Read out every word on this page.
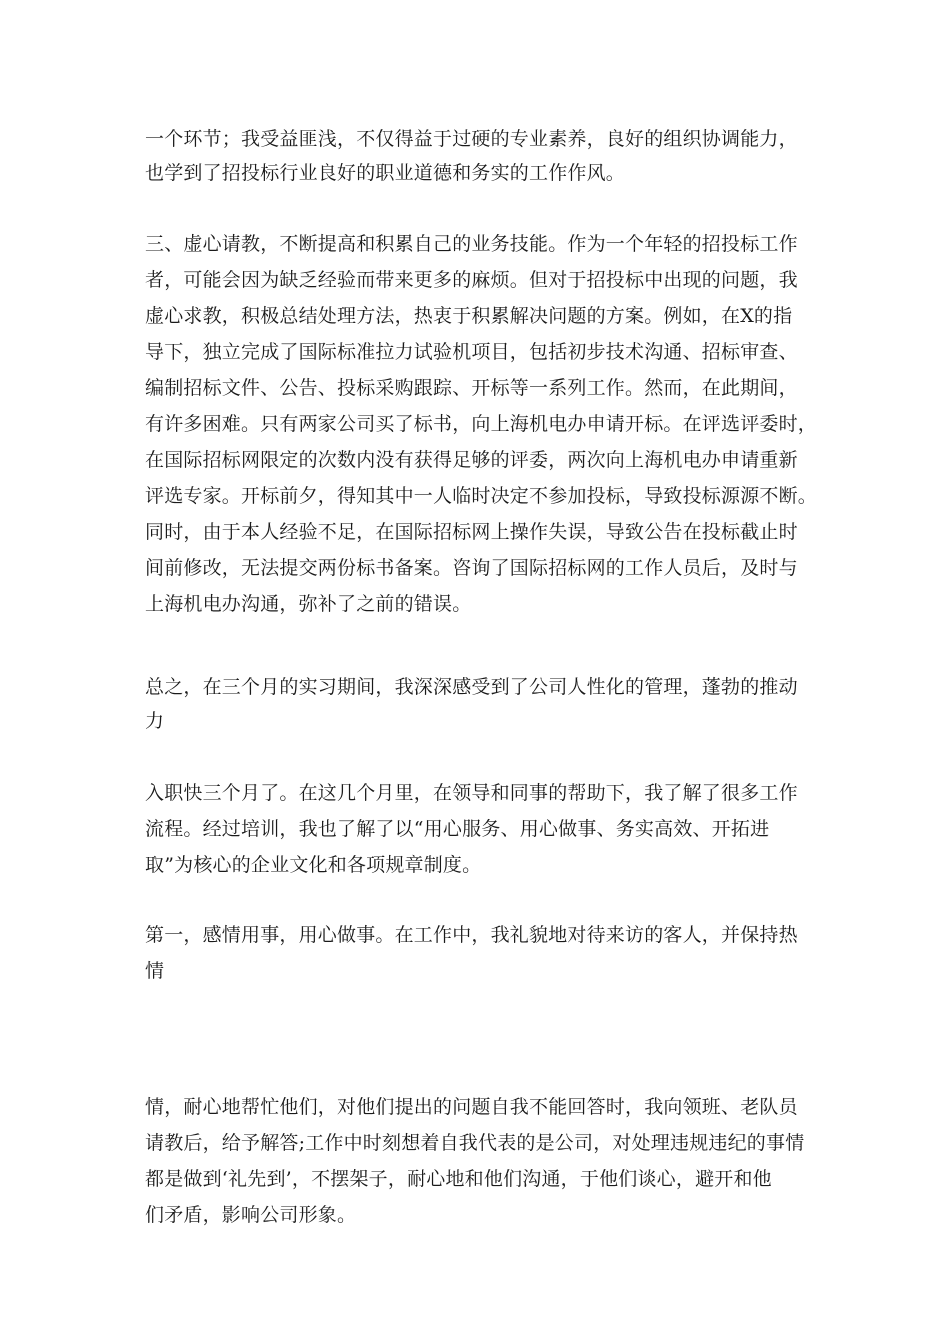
一个环节；我受益匪浅，不仅得益于过硬的专业素养，良好的组织协调能力，
也学到了招投标行业良好的职业道德和务实的工作作风。
三、虚心请教，不断提高和积累自己的业务技能。作为一个年轻的招投标工作
者，可能会因为缺乏经验而带来更多的麻烦。但对于招投标中出现的问题，我
虚心求教，积极总结处理方法，热衷于积累解决问题的方案。例如，在X的指
导下，独立完成了国际标准拉力试验机项目，包括初步技术沟通、招标审查、
编制招标文件、公告、投标采购跟踪、开标等一系列工作。然而，在此期间，
有许多困难。只有两家公司买了标书，向上海机电办申请开标。在评选评委时，
在国际招标网限定的次数内没有获得足够的评委，两次向上海机电办申请重新
评选专家。开标前夕，得知其中一人临时决定不参加投标，导致投标源源不断。
同时，由于本人经验不足，在国际招标网上操作失误，导致公告在投标截止时
间前修改，无法提交两份标书备案。咨询了国际招标网的工作人员后，及时与
上海机电办沟通，弥补了之前的错误。
总之，在三个月的实习期间，我深深感受到了公司人性化的管理，蓬勃的推动
力
入职快三个月了。在这几个月里，在领导和同事的帮助下，我了解了很多工作
流程。经过培训，我也了解了以“用心服务、用心做事、务实高效、开拓进
取”为核心的企业文化和各项规章制度。
第一，感情用事，用心做事。在工作中，我礼貌地对待来访的客人，并保持热
情
情，耐心地帮忙他们，对他们提出的问题自我不能回答时，我向领班、老队员
请教后，给予解答;工作中时刻想着自我代表的是公司，对处理违规违纪的事情
都是做到‘礼先到’，不摆架子，耐心地和他们沟通，于他们谈心，避开和他
们矛盾，影响公司形象。
